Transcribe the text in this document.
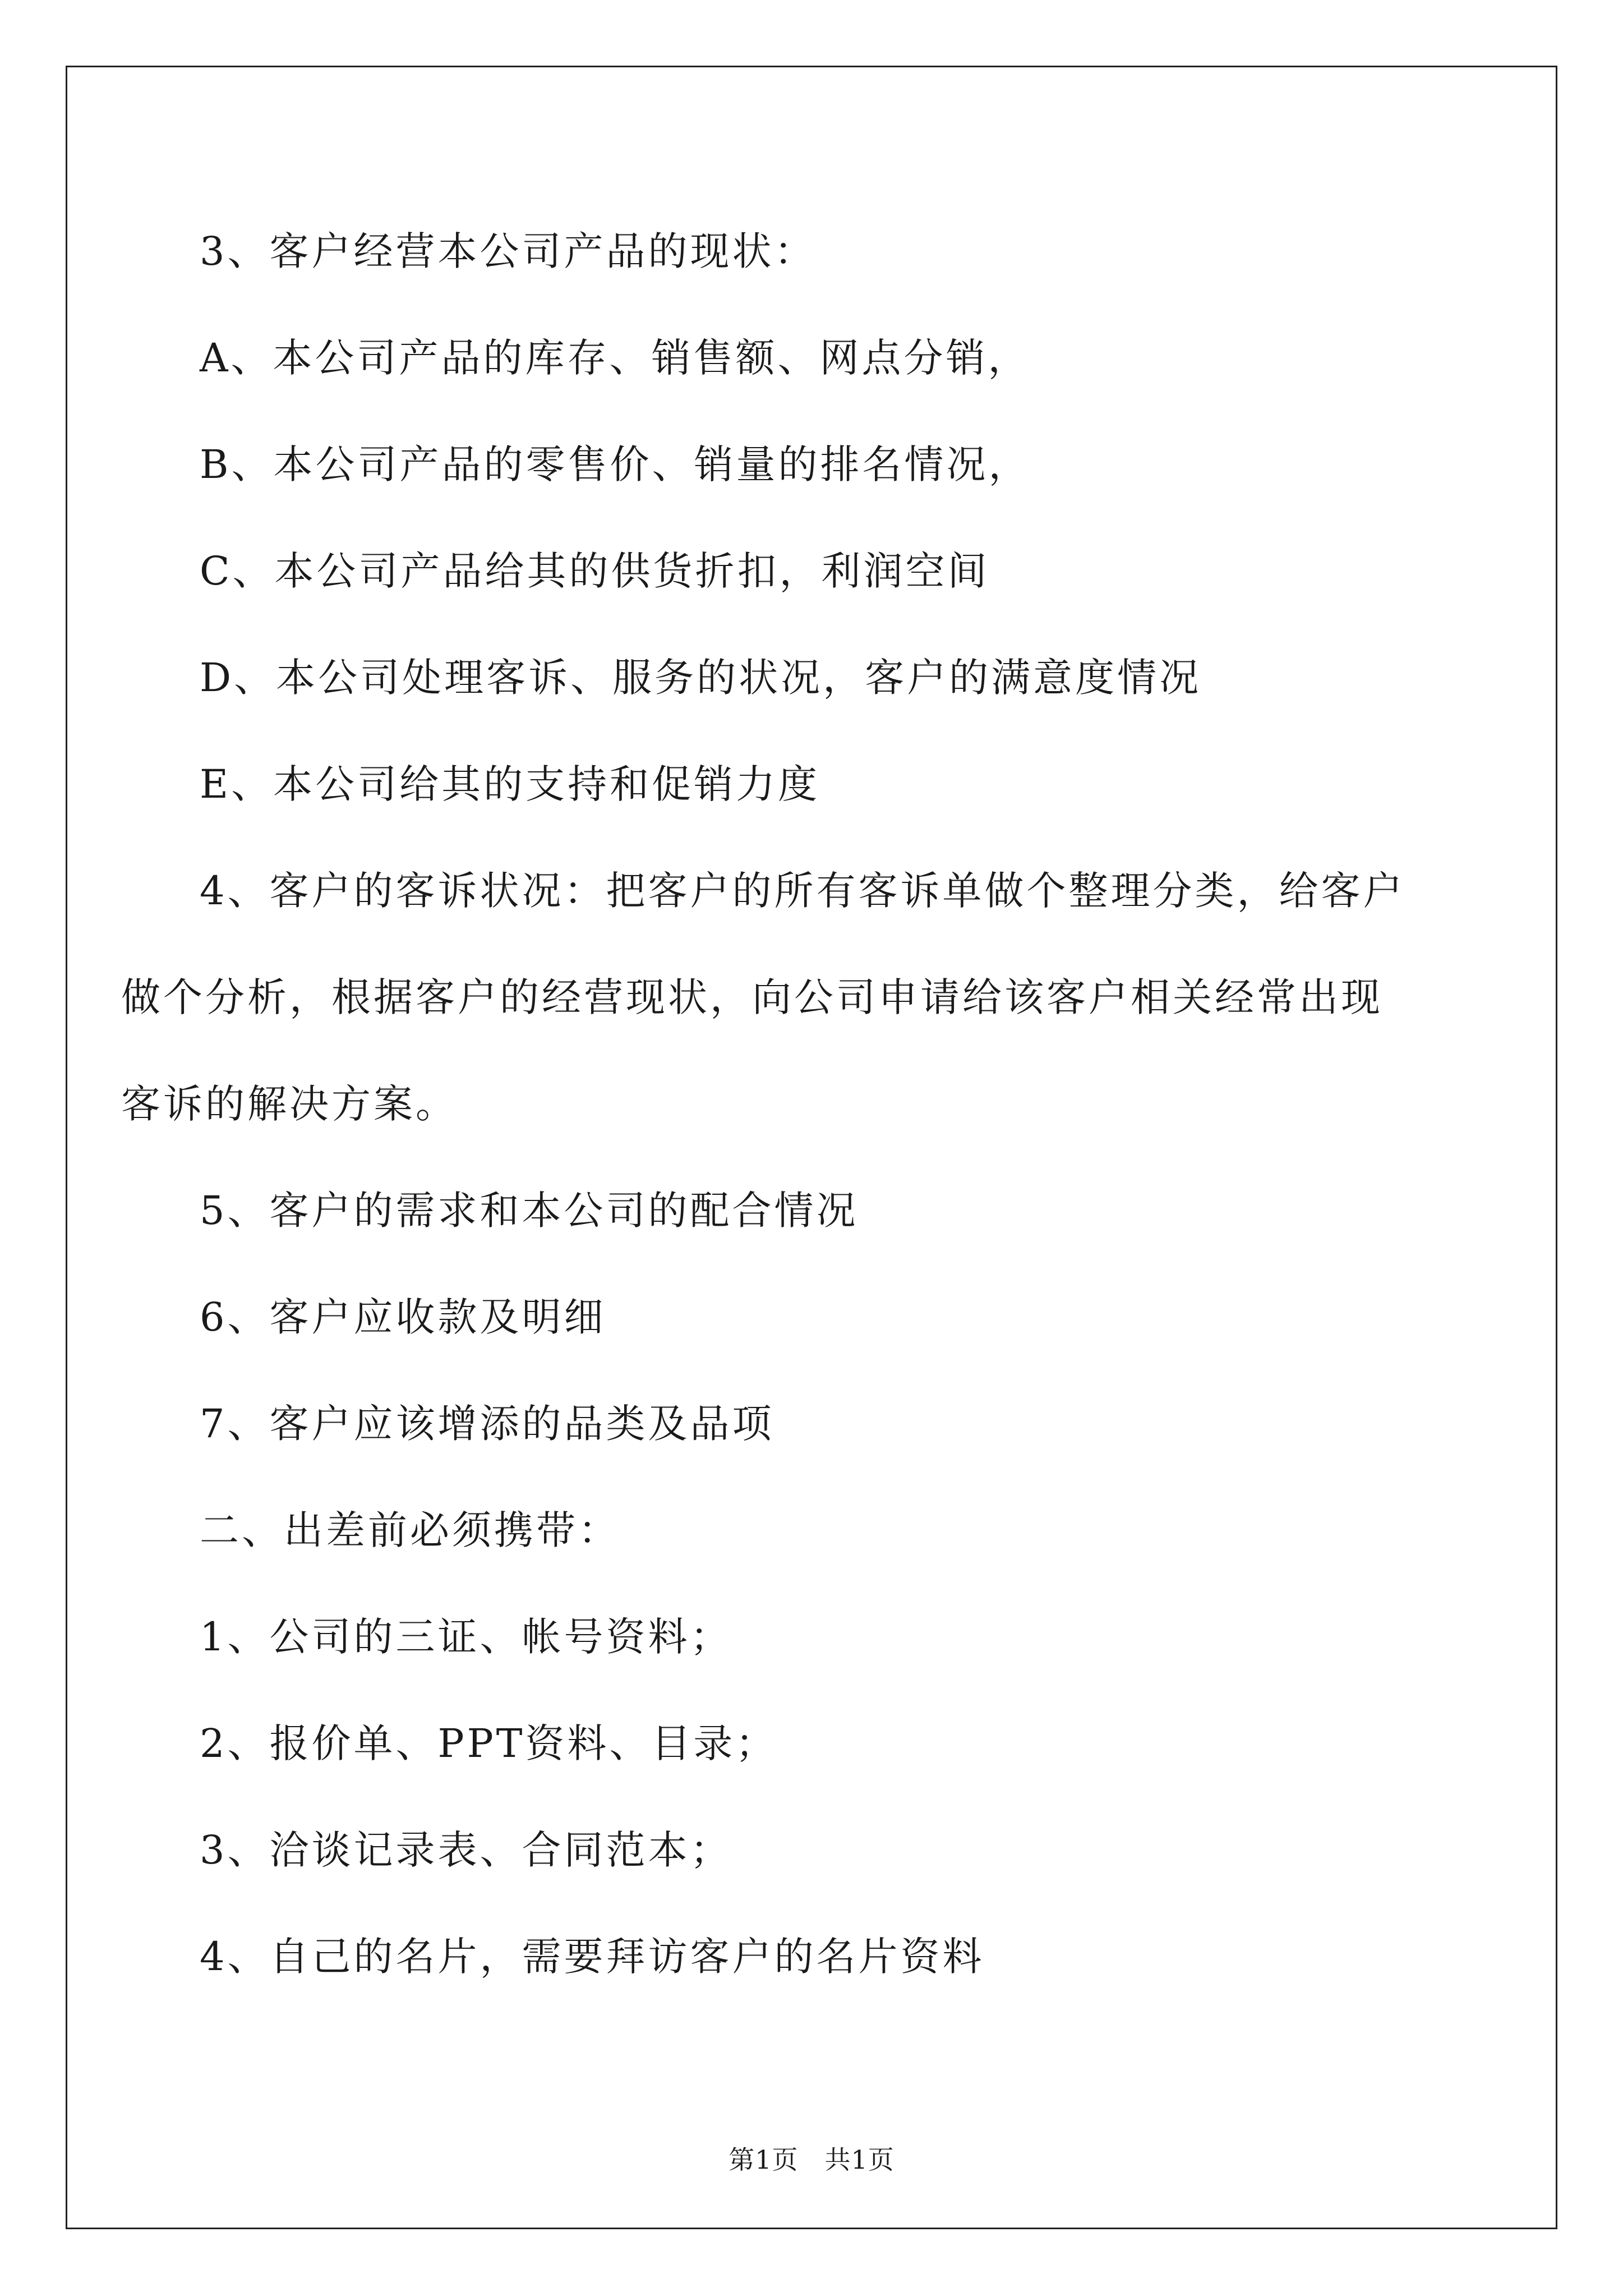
3、客户经营本公司产品的现状：
A、本公司产品的库存、销售额、网点分销，
B、本公司产品的零售价、销量的排名情况，
C、本公司产品给其的供货折扣，利润空间
D、本公司处理客诉、服务的状况，客户的满意度情况
E、本公司给其的支持和促销力度
4、客户的客诉状况：把客户的所有客诉单做个整理分类，给客户
做个分析，根据客户的经营现状，向公司申请给该客户相关经常出现
客诉的解决方案。
5、客户的需求和本公司的配合情况
6、客户应收款及明细
7、客户应该增添的品类及品项
二、出差前必须携带：
1、公司的三证、帐号资料；
2、报价单、PPT资料、目录；
3、洽谈记录表、合同范本；
4、自己的名片，需要拜访客户的名片资料
第1页　共1页
